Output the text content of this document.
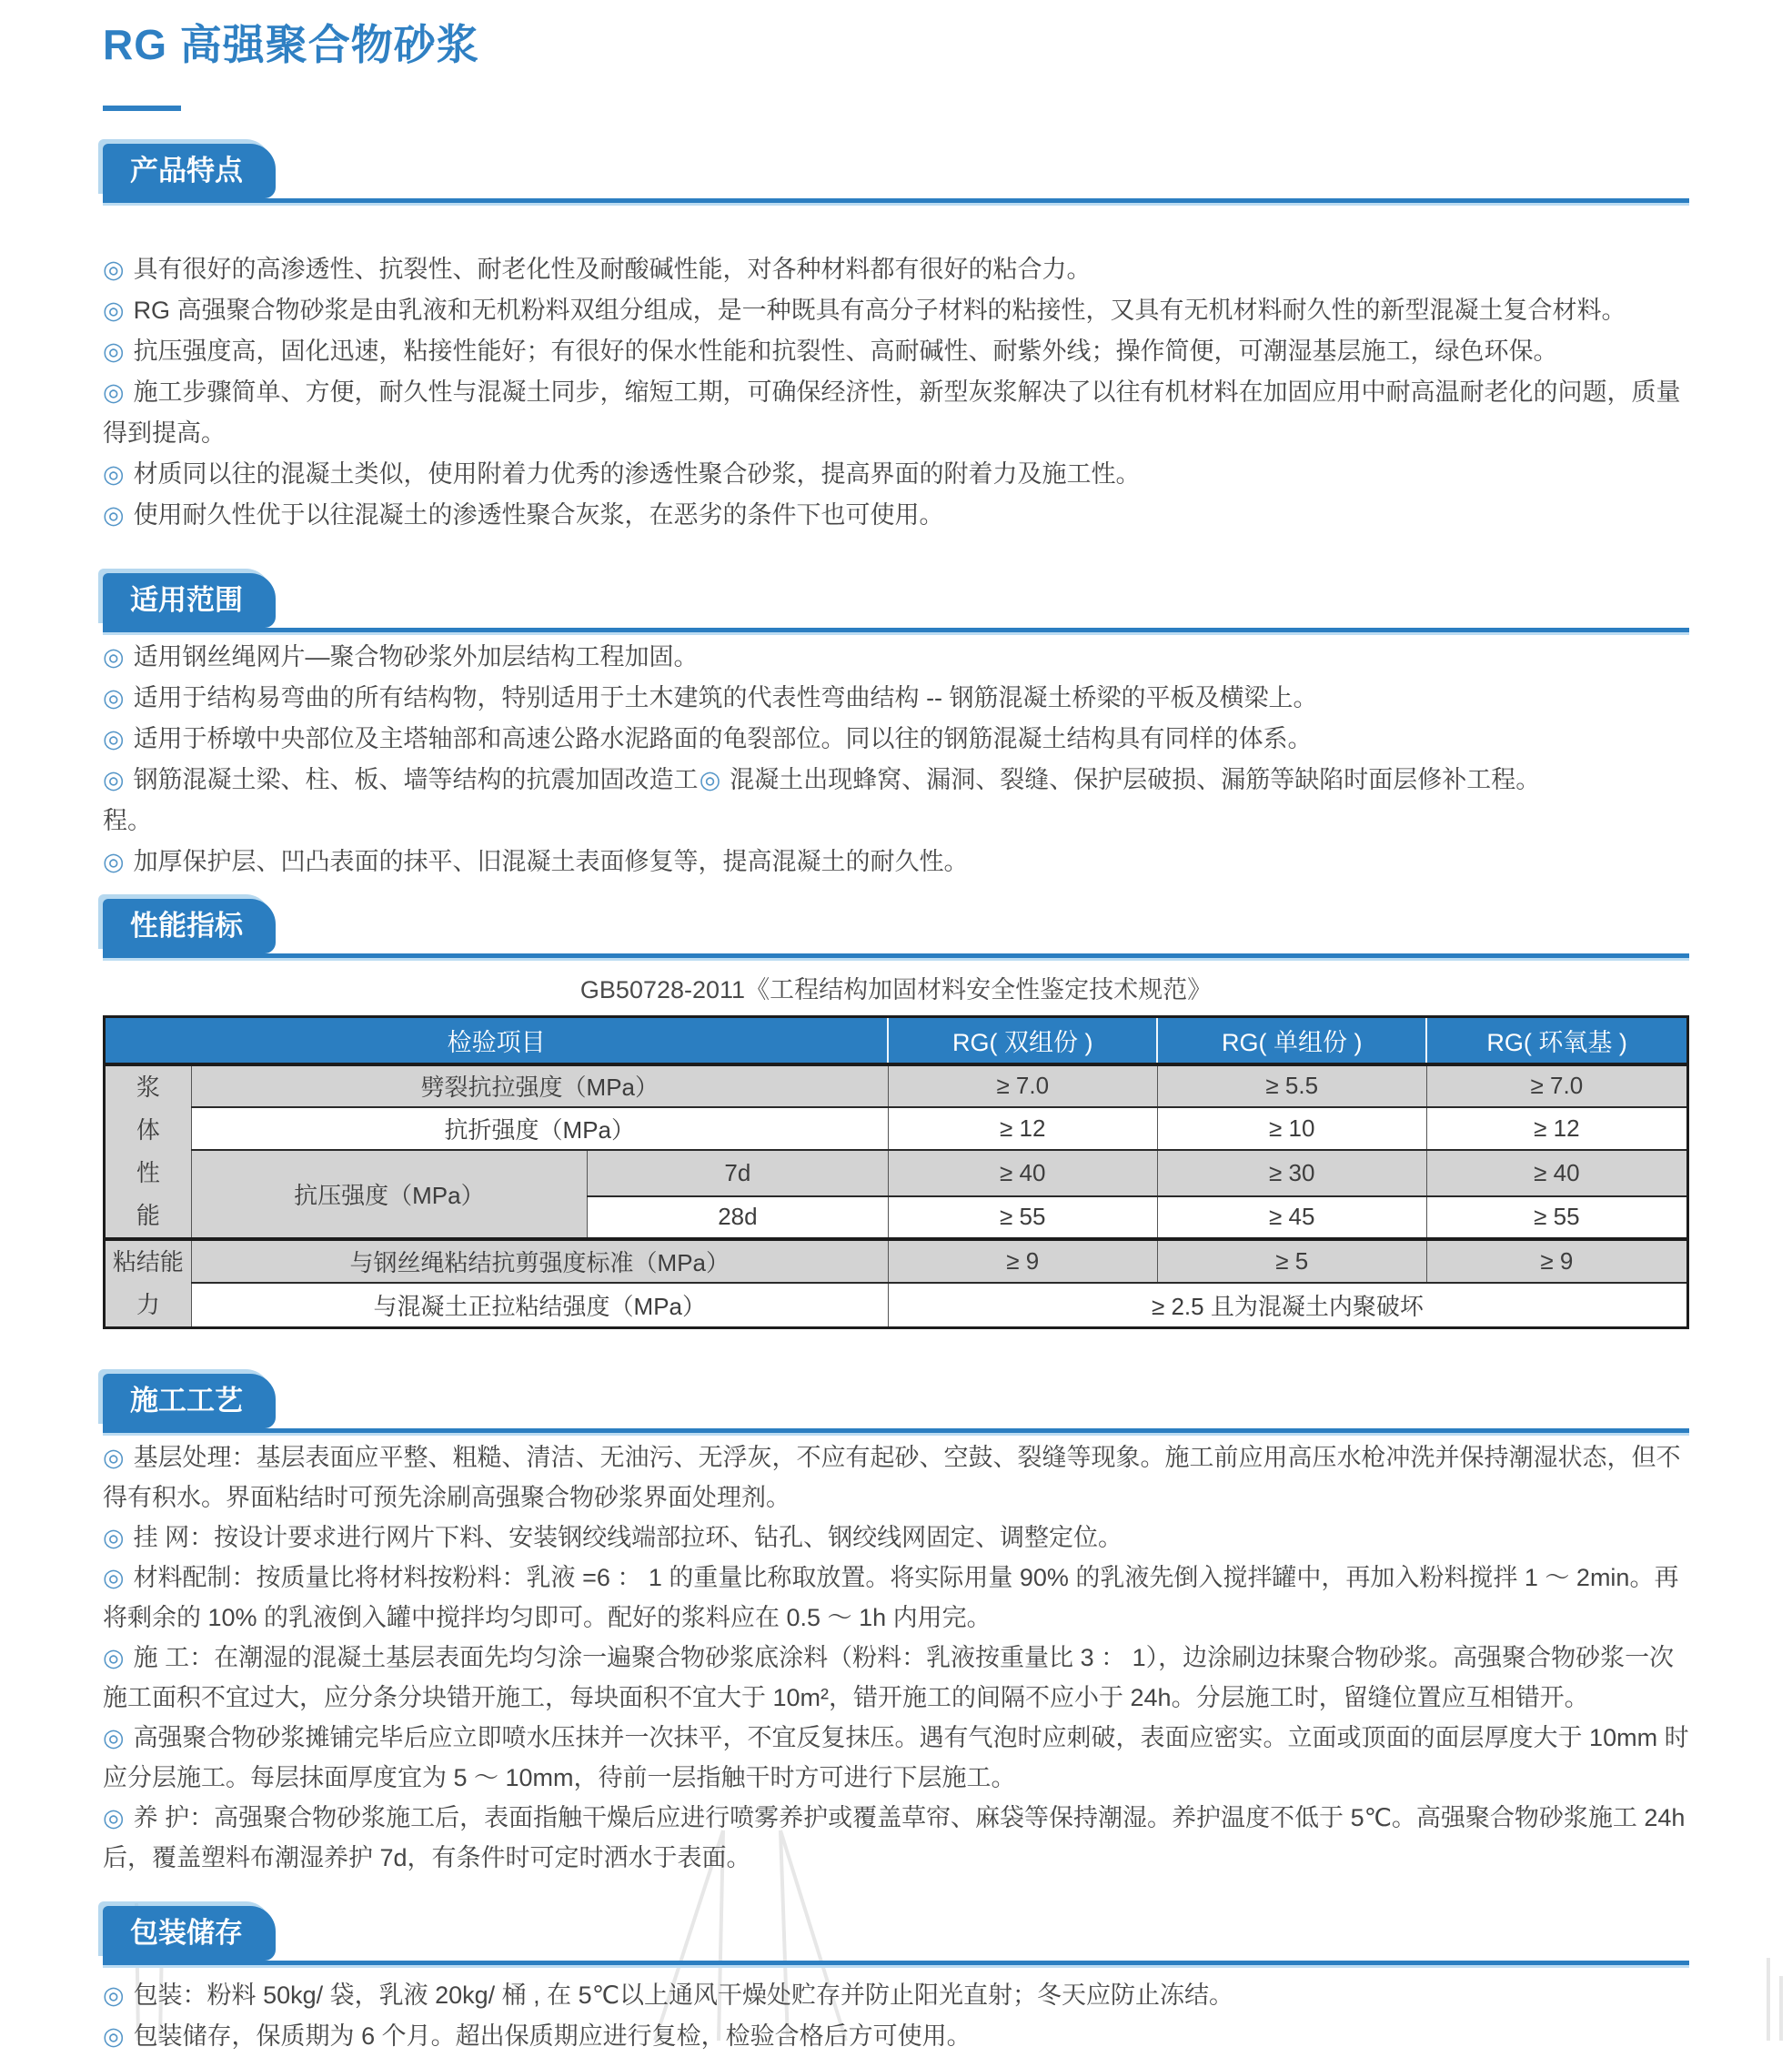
RG 高强聚合物砂浆
产品特点

◎ 具有很好的高渗透性、抗裂性、耐老化性及耐酸碱性能，对各种材料都有很好的粘合力。

◎ RG 高强聚合物砂浆是由乳液和无机粉料双组分组成，是一种既具有高分子材料的粘接性，又具有无机材料耐久性的新型混凝土复合材料。

◎ 抗压强度高，固化迅速，粘接性能好；有很好的保水性能和抗裂性、高耐碱性、耐紫外线；操作简便，可潮湿基层施工，绿色环保。

◎ 施工步骤简单、方便，耐久性与混凝土同步，缩短工期，可确保经济性，新型灰浆解决了以往有机材料在加固应用中耐高温耐老化的问题，质量得到提高。

◎ 材质同以往的混凝土类似，使用附着力优秀的渗透性聚合砂浆，提高界面的附着力及施工性。

◎ 使用耐久性优于以往混凝土的渗透性聚合灰浆，在恶劣的条件下也可使用。

适用范围

◎ 适用钢丝绳网片—聚合物砂浆外加层结构工程加固。

◎ 适用于结构易弯曲的所有结构物，特别适用于土木建筑的代表性弯曲结构 -- 钢筋混凝土桥梁的平板及横梁上。

◎ 适用于桥墩中央部位及主塔轴部和高速公路水泥路面的龟裂部位。同以往的钢筋混凝土结构具有同样的体系。

◎ 钢筋混凝土梁、柱、板、墙等结构的抗震加固改造工程。
◎ 混凝土出现蜂窝、漏洞、裂缝、保护层破损、漏筋等缺陷时面层修补工程。

◎ 加厚保护层、凹凸表面的抹平、旧混凝土表面修复等，提高混凝土的耐久性。

性能指标

GB50728-2011《工程结构加固材料安全性鉴定技术规范》

检验项目			RG( 双组份 )	RG( 单组份 )	RG( 环氧基 )

浆
体
性
能	劈裂抗拉强度（MPa）		≥ 7.0	≥ 5.5	≥ 7.0
	抗折强度（MPa）		≥ 12	≥ 10	≥ 12
	抗压强度（MPa）	7d	≥ 40	≥ 30	≥ 40
		28d	≥ 55	≥ 45	≥ 55

粘结能
力	与钢丝绳粘结抗剪强度标准（MPa）		≥ 9	≥ 5	≥ 9
	与混凝土正拉粘结强度（MPa）		≥ 2.5 且为混凝土内聚破坏		
施工工艺

◎ 基层处理：基层表面应平整、粗糙、清洁、无油污、无浮灰，不应有起砂、空鼓、裂缝等现象。施工前应用高压水枪冲洗并保持潮湿状态，但不得有积水。界面粘结时可预先涂刷高强聚合物砂浆界面处理剂。

◎ 挂 网：按设计要求进行网片下料、安装钢绞线端部拉环、钻孔、钢绞线网固定、调整定位。

◎ 材料配制：按质量比将材料按粉料：乳液 =6 ： 1 的重量比称取放置。将实际用量 90% 的乳液先倒入搅拌罐中，再加入粉料搅拌 1 ～ 2min。再将剩余的 10% 的乳液倒入罐中搅拌均匀即可。配好的浆料应在 0.5 ～ 1h 内用完。

◎ 施 工：在潮湿的混凝土基层表面先均匀涂一遍聚合物砂浆底涂料（粉料：乳液按重量比 3 ： 1），边涂刷边抹聚合物砂浆。高强聚合物砂浆一次施工面积不宜过大，应分条分块错开施工，每块面积不宜大于 10m²，错开施工的间隔不应小于 24h。分层施工时，留缝位置应互相错开。

◎ 高强聚合物砂浆摊铺完毕后应立即喷水压抹并一次抹平，不宜反复抹压。遇有气泡时应刺破，表面应密实。立面或顶面的面层厚度大于 10mm 时应分层施工。每层抹面厚度宜为 5 ～ 10mm，待前一层指触干时方可进行下层施工。

◎ 养 护：高强聚合物砂浆施工后，表面指触干燥后应进行喷雾养护或覆盖草帘、麻袋等保持潮湿。养护温度不低于 5℃。高强聚合物砂浆施工 24h 后，覆盖塑料布潮湿养护 7d，有条件时可定时洒水于表面。

包装储存

◎ 包装：粉料 50kg/ 袋，乳液 20kg/ 桶 , 在 5℃以上通风干燥处贮存并防止阳光直射；冬天应防止冻结。

◎ 包装储存，保质期为 6 个月。超出保质期应进行复检，检验合格后方可使用。
